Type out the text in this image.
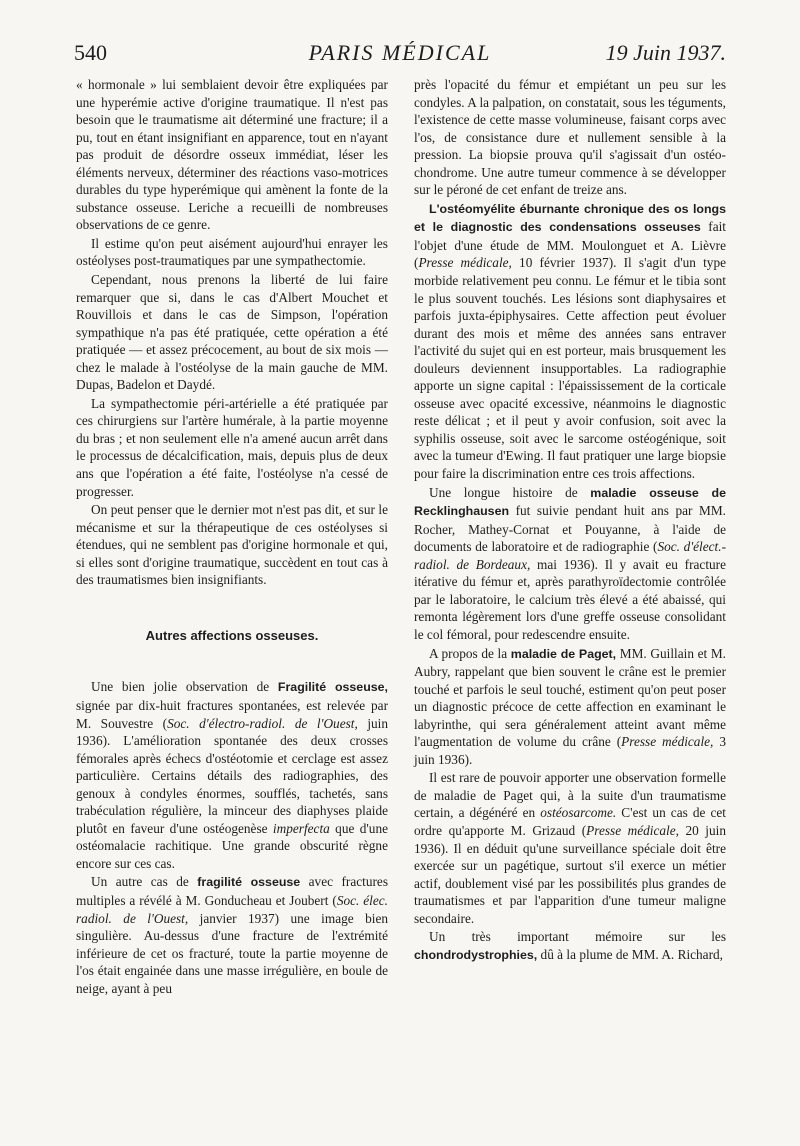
540	PARIS MÉDICAL	19 Juin 1937.

« hormonale » lui semblaient devoir être expliquées par une hyperémie active d'origine traumatique. Il n'est pas besoin que le traumatisme ait déterminé une fracture; il a pu, tout en étant insignifiant en apparence, tout en n'ayant pas produit de désordre osseux immédiat, léser les éléments nerveux, déterminer des réactions vaso-motrices durables du type hyperémique qui amènent la fonte de la substance osseuse. Leriche a recueilli de nombreuses observations de ce genre.

Il estime qu'on peut aisément aujourd'hui enrayer les ostéolyses post-traumatiques par une sympathectomie.

Cependant, nous prenons la liberté de lui faire remarquer que si, dans le cas d'Albert Mouchet et Rouvillois et dans le cas de Simpson, l'opération sympathique n'a pas été pratiquée, cette opération a été pratiquée — et assez précocement, au bout de six mois — chez le malade à l'ostéolyse de la main gauche de MM. Dupas, Badelon et Daydé.

La sympathectomie péri-artérielle a été pratiquée par ces chirurgiens sur l'artère humérale, à la partie moyenne du bras ; et non seulement elle n'a amené aucun arrêt dans le processus de décalcification, mais, depuis plus de deux ans que l'opération a été faite, l'ostéolyse n'a cessé de progresser.

On peut penser que le dernier mot n'est pas dit, et sur le mécanisme et sur la thérapeutique de ces ostéolyses si étendues, qui ne semblent pas d'origine hormonale et qui, si elles sont d'origine traumatique, succèdent en tout cas à des traumatismes bien insignifiants.

Autres affections osseuses.

Une bien jolie observation de Fragilité osseuse, signée par dix-huit fractures spontanées, est relevée par M. Souvestre (Soc. d'électro-radiol. de l'Ouest, juin 1936). L'amélioration spontanée des deux crosses fémorales après échecs d'ostéotomie et cerclage est assez particulière. Certains détails des radiographies, des genoux à condyles énormes, soufflés, tachetés, sans trabéculation régulière, la minceur des diaphyses plaide plutôt en faveur d'une ostéogenèse imperfecta que d'une ostéomalacie rachitique. Une grande obscurité règne encore sur ces cas.

Un autre cas de fragilité osseuse avec fractures multiples a révélé à M. Gonducheau et Joubert (Soc. élec. radiol. de l'Ouest, janvier 1937) une image bien singulière. Au-dessus d'une fracture de l'extrémité inférieure de cet os fracturé, toute la partie moyenne de l'os était engainée dans une masse irrégulière, en boule de neige, ayant à peu

près l'opacité du fémur et empiétant un peu sur les condyles. A la palpation, on constatait, sous les téguments, l'existence de cette masse volumineuse, faisant corps avec l'os, de consistance dure et nullement sensible à la pression. La biopsie prouva qu'il s'agissait d'un ostéo-chondrome. Une autre tumeur commence à se développer sur le péroné de cet enfant de treize ans.

L'ostéomyélite éburnante chronique des os longs et le diagnostic des condensations osseuses fait l'objet d'une étude de MM. Moulonguet et A. Lièvre (Presse médicale, 10 février 1937). Il s'agit d'un type morbide relativement peu connu. Le fémur et le tibia sont le plus souvent touchés. Les lésions sont diaphysaires et parfois juxta-épiphysaires. Cette affection peut évoluer durant des mois et même des années sans entraver l'activité du sujet qui en est porteur, mais brusquement les douleurs deviennent insupportables. La radiographie apporte un signe capital : l'épaississement de la corticale osseuse avec opacité excessive, néanmoins le diagnostic reste délicat ; et il peut y avoir confusion, soit avec la syphilis osseuse, soit avec le sarcome ostéogénique, soit avec la tumeur d'Ewing. Il faut pratiquer une large biopsie pour faire la discrimination entre ces trois affections.

Une longue histoire de maladie osseuse de Recklinghausen fut suivie pendant huit ans par MM. Rocher, Mathey-Cornat et Pouyanne, à l'aide de documents de laboratoire et de radiographie (Soc. d'élect.-radiol. de Bordeaux, mai 1936). Il y avait eu fracture itérative du fémur et, après parathyroïdectomie contrôlée par le laboratoire, le calcium très élevé a été abaissé, qui remonta légèrement lors d'une greffe osseuse consolidant le col fémoral, pour redescendre ensuite.

A propos de la maladie de Paget, MM. Guillain et M. Aubry, rappelant que bien souvent le crâne est le premier touché et parfois le seul touché, estiment qu'on peut poser un diagnostic précoce de cette affection en examinant le labyrinthe, qui sera généralement atteint avant même l'augmentation de volume du crâne (Presse médicale, 3 juin 1936).

Il est rare de pouvoir apporter une observation formelle de maladie de Paget qui, à la suite d'un traumatisme certain, a dégénéré en ostéosarcome. C'est un cas de cet ordre qu'apporte M. Grizaud (Presse médicale, 20 juin 1936). Il en déduit qu'une surveillance spéciale doit être exercée sur un pagétique, surtout s'il exerce un métier actif, doublement visé par les possibilités plus grandes de traumatismes et par l'apparition d'une tumeur maligne secondaire.

Un très important mémoire sur les chondrodystrophies, dû à la plume de MM. A. Richard,
